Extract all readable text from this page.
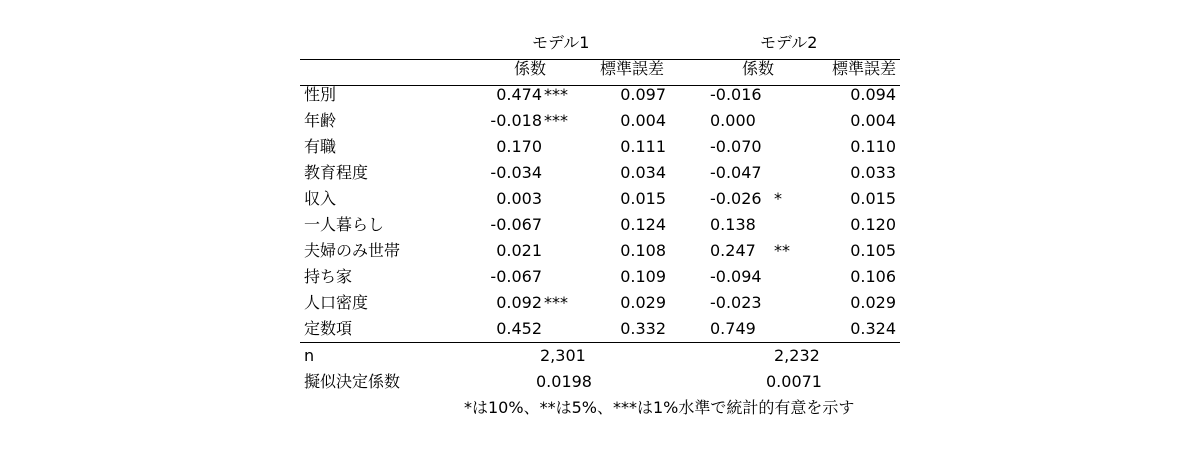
モデル1	モデル2
係数	標準誤差	係数	標準誤差
性別	0.474 ***	0.097	-0.016	0.094
年齢	-0.018 ***	0.004	0.000	0.004
有職	0.170	0.111	-0.070	0.110
教育程度	-0.034	0.034	-0.047	0.033
収入	0.003	0.015	-0.026 *	0.015
一人暮らし	-0.067	0.124	0.138	0.120
夫婦のみ世帯	0.021	0.108	0.247 **	0.105
持ち家	-0.067	0.109	-0.094	0.106
人口密度	0.092 ***	0.029	-0.023	0.029
定数項	0.452	0.332	0.749	0.324
n	2,301	2,232
擬似決定係数	0.0198	0.0071
*は10%、**は5%、***は1%水準で統計的有意を示す
